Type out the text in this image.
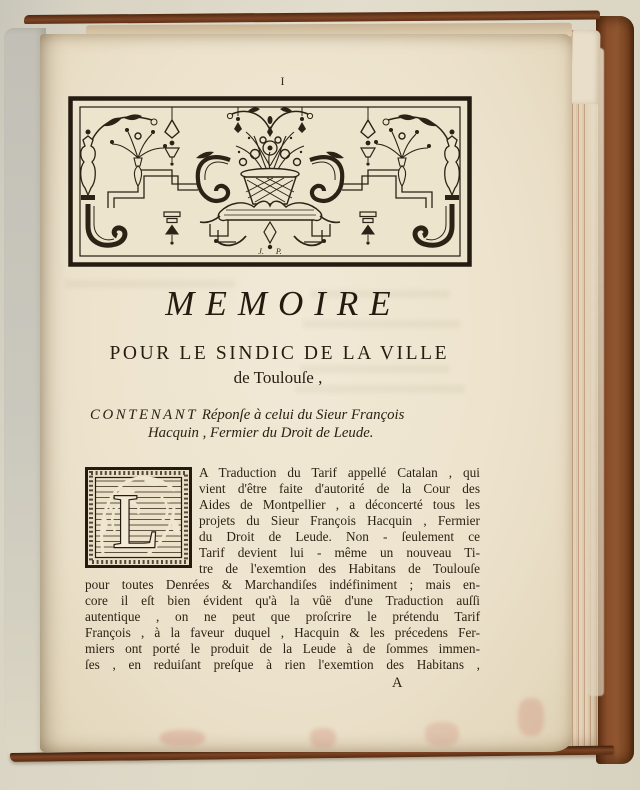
I
J. P.
MEMOIRE
POUR LE SINDIC DE LA VILLE
de Toulouſe ,
CONTENANT Réponſe à celui du Sieur François
Hacquin , Fermier du Droit de Leude.
L
A Traduction du Tarif appellé Catalan , qui
vient d'être faite d'autorité de la Cour des
Aides de Montpellier , a déconcerté tous les
projets du Sieur François Hacquin , Fermier
du Droit de Leude. Non - ſeulement ce
Tarif devient lui - même un nouveau Ti-
tre de l'exemtion des Habitans de Toulouſe
pour toutes Denrées & Marchandiſes indéfiniment ; mais en-
core il eſt bien évident qu'à la vûë d'une Traduction auſſi
autentique , on ne peut que proſcrire le prétendu Tarif
François , à la faveur duquel , Hacquin & les précedens Fer-
miers ont porté le produit de la Leude à de ſommes immen-
ſes , en reduiſant preſque à rien l'exemtion des Habitans ,
A
